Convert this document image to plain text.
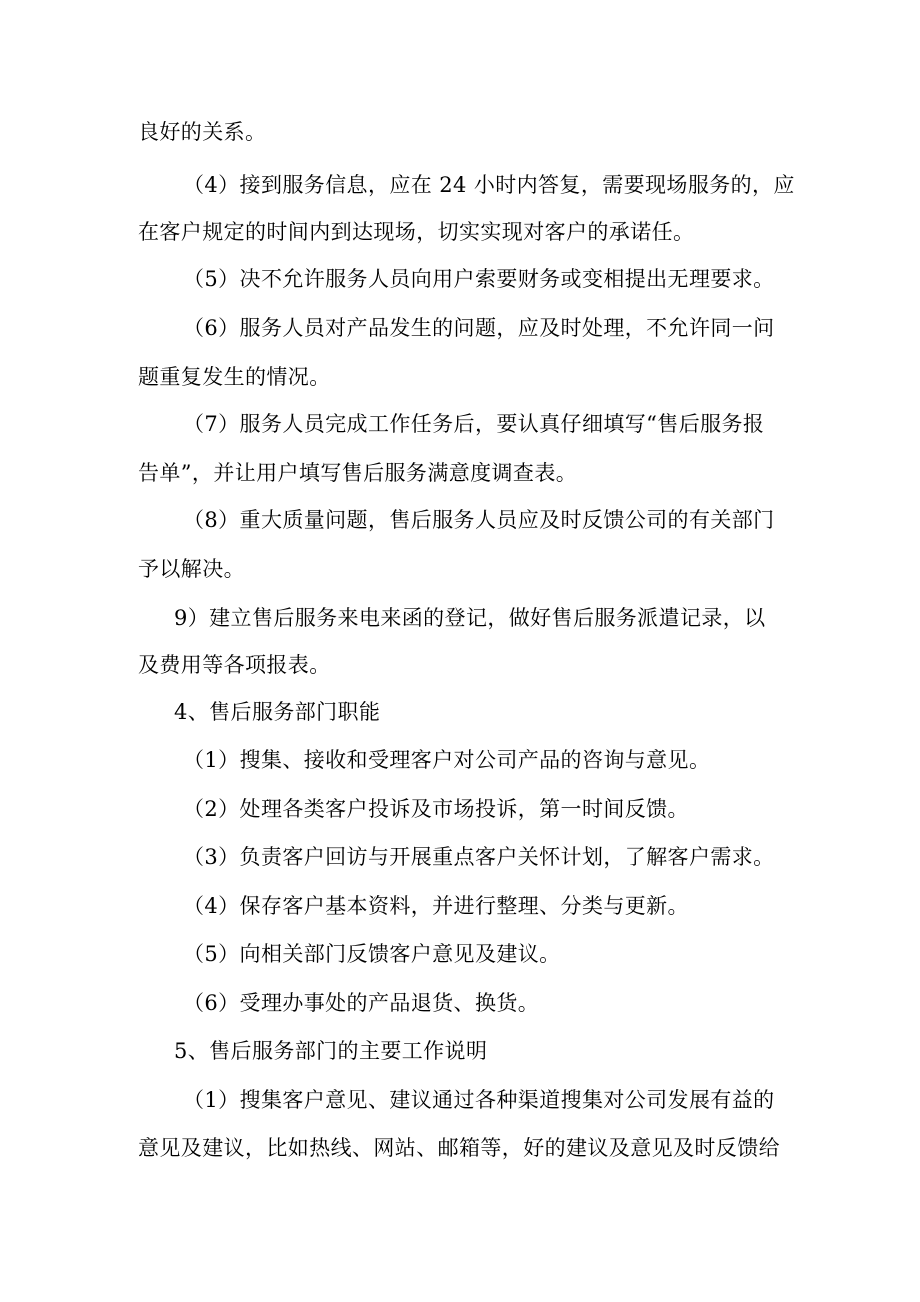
良好的关系。
（4）接到服务信息，应在 24 小时内答复，需要现场服务的，应
在客户规定的时间内到达现场，切实实现对客户的承诺任。
（5）决不允许服务人员向用户索要财务或变相提出无理要求。
（6）服务人员对产品发生的问题，应及时处理，不允许同一问
题重复发生的情况。
（7）服务人员完成工作任务后，要认真仔细填写“售后服务报
告单”，并让用户填写售后服务满意度调查表。
（8）重大质量问题，售后服务人员应及时反馈公司的有关部门
予以解决。
9）建立售后服务来电来函的登记，做好售后服务派遣记录，以
及费用等各项报表。
4、售后服务部门职能
（1）搜集、接收和受理客户对公司产品的咨询与意见。
（2）处理各类客户投诉及市场投诉，第一时间反馈。
（3）负责客户回访与开展重点客户关怀计划，了解客户需求。
（4）保存客户基本资料，并进行整理、分类与更新。
（5）向相关部门反馈客户意见及建议。
（6）受理办事处的产品退货、换货。
5、售后服务部门的主要工作说明
（1）搜集客户意见、建议通过各种渠道搜集对公司发展有益的
意见及建议，比如热线、网站、邮箱等，好的建议及意见及时反馈给
